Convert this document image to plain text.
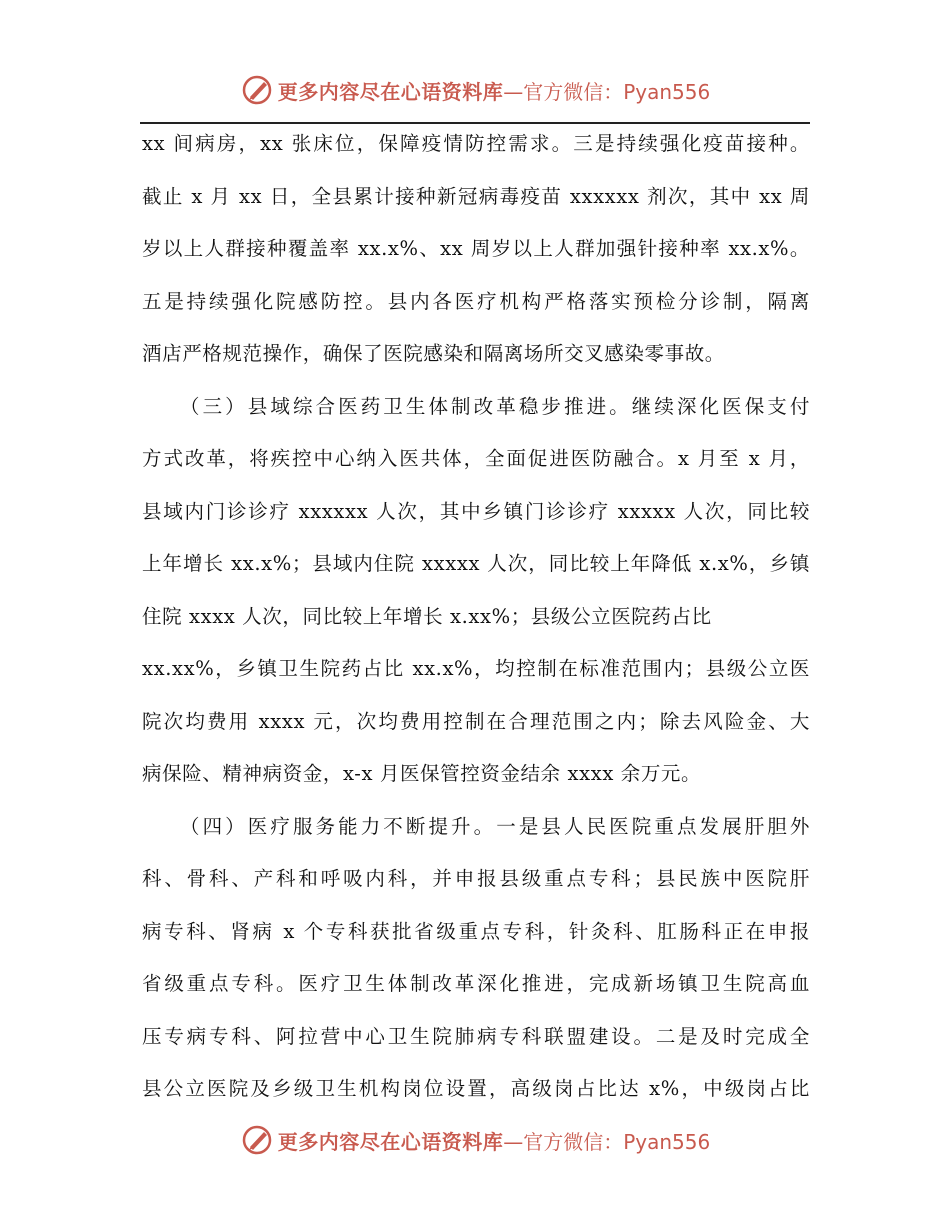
更多内容尽在心语资料库 —官方微信：Pyan556
xx 间病房，xx 张床位，保障疫情防控需求。三是持续强化疫苗接种。
截止 x 月 xx 日，全县累计接种新冠病毒疫苗 xxxxxx 剂次，其中 xx 周
岁以上人群接种覆盖率 xx.x%、xx 周岁以上人群加强针接种率 xx.x%。
五是持续强化院感防控。县内各医疗机构严格落实预检分诊制，隔离
酒店严格规范操作，确保了医院感染和隔离场所交叉感染零事故。
（三）县域综合医药卫生体制改革稳步推进。继续深化医保支付
方式改革，将疾控中心纳入医共体，全面促进医防融合。x 月至 x 月，
县域内门诊诊疗 xxxxxx 人次，其中乡镇门诊诊疗 xxxxx 人次，同比较
上年增长 xx.x%；县域内住院 xxxxx 人次，同比较上年降低 x.x%，乡镇
住院 xxxx 人次，同比较上年增长 x.xx%；县级公立医院药占比
xx.xx%，乡镇卫生院药占比 xx.x%，均控制在标准范围内；县级公立医
院次均费用 xxxx 元，次均费用控制在合理范围之内；除去风险金、大
病保险、精神病资金，x-x 月医保管控资金结余 xxxx 余万元。
（四）医疗服务能力不断提升。一是县人民医院重点发展肝胆外
科、骨科、产科和呼吸内科，并申报县级重点专科；县民族中医院肝
病专科、肾病 x 个专科获批省级重点专科，针灸科、肛肠科正在申报
省级重点专科。医疗卫生体制改革深化推进，完成新场镇卫生院高血
压专病专科、阿拉营中心卫生院肺病专科联盟建设。二是及时完成全
县公立医院及乡级卫生机构岗位设置，高级岗占比达 x%，中级岗占比
更多内容尽在心语资料库 —官方微信：Pyan556
